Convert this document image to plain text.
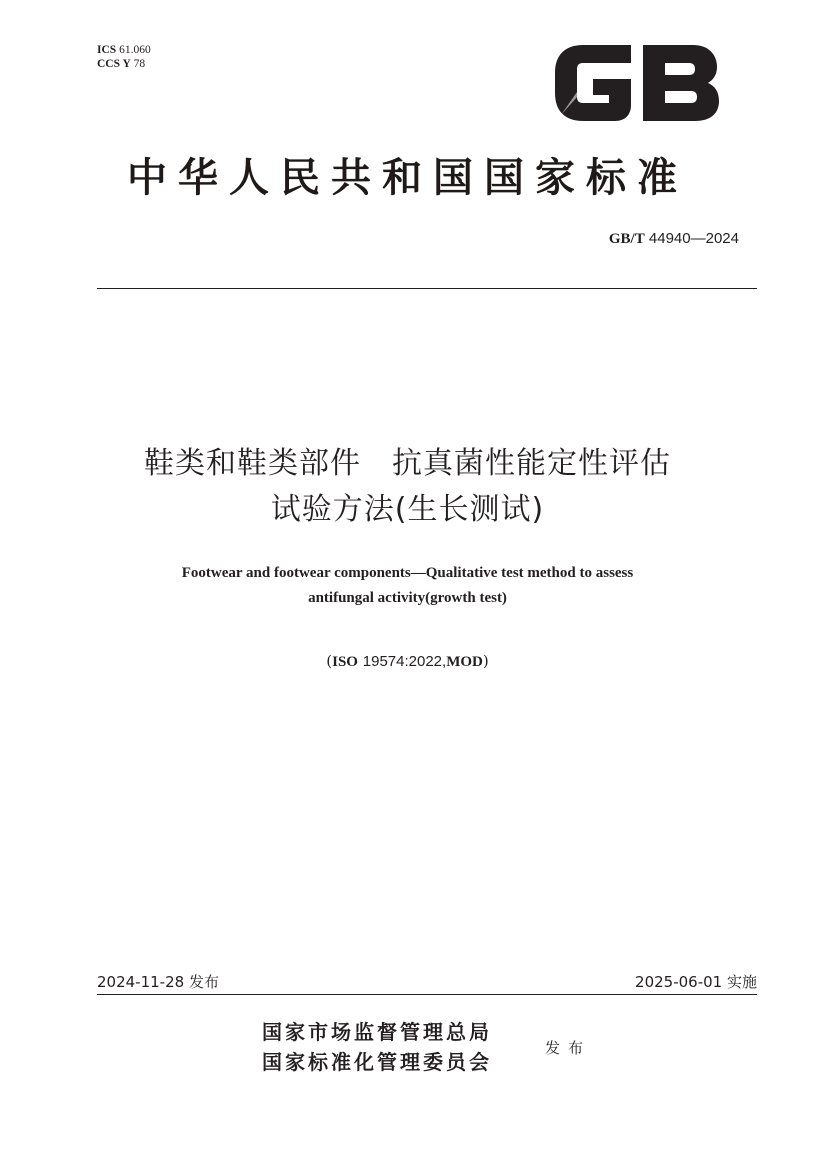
ICS 61.060
CCS Y 78
中华人民共和国国家标准
GB/T 44940—2024
鞋类和鞋类部件　抗真菌性能定性评估
试验方法(生长测试)
Footwear and footwear components—Qualitative test method to assess
antifungal activity(growth test)
(ISO 19574:2022,MOD)
2024-11-28 发布	2025-06-01 实施
国家市场监督管理总局
国家标准化管理委员会
发布
